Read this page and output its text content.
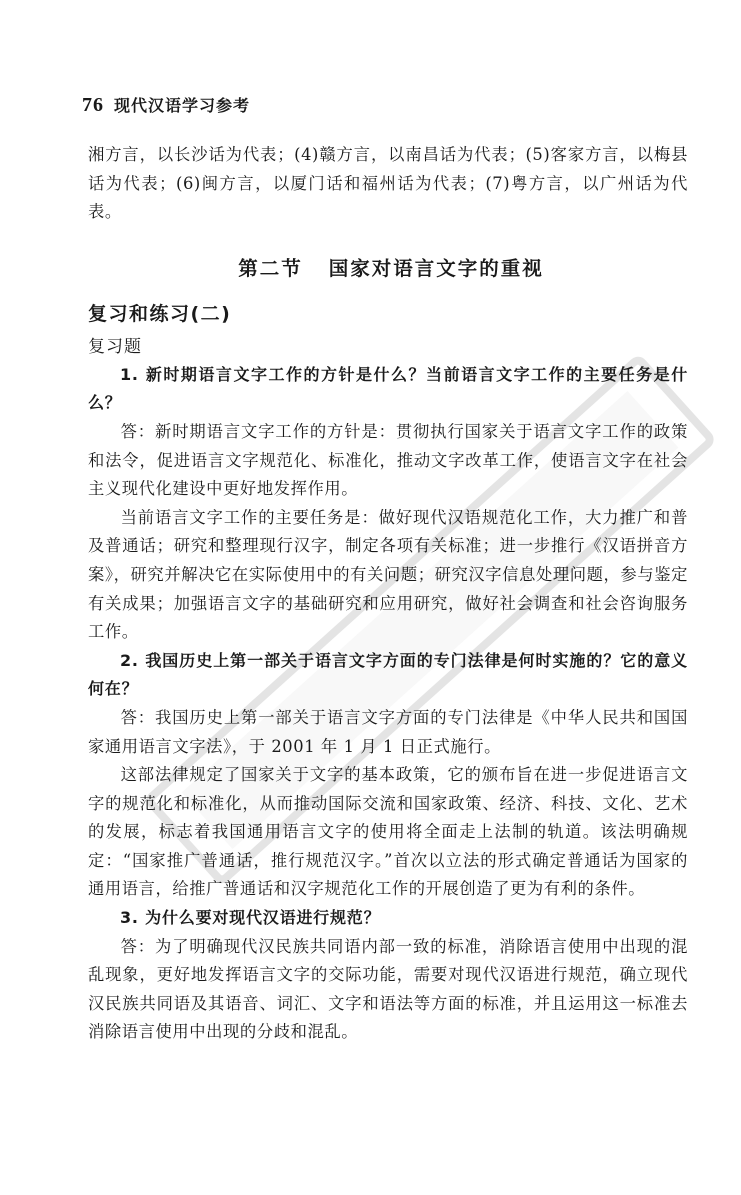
76 现代汉语学习参考

湘方言，以长沙话为代表；(4)赣方言，以南昌话为代表；(5)客家方言，以梅县话为代表；(6)闽方言，以厦门话和福州话为代表；(7)粤方言，以广州话为代表。

第二节 国家对语言文字的重视
复习和练习(二)
复习题

1. 新时期语言文字工作的方针是什么？当前语言文字工作的主要任务是什么？

答：新时期语言文字工作的方针是：贯彻执行国家关于语言文字工作的政策和法令，促进语言文字规范化、标准化，推动文字改革工作，使语言文字在社会主义现代化建设中更好地发挥作用。

当前语言文字工作的主要任务是：做好现代汉语规范化工作，大力推广和普及普通话；研究和整理现行汉字，制定各项有关标准；进一步推行《汉语拼音方案》，研究并解决它在实际使用中的有关问题；研究汉字信息处理问题，参与鉴定有关成果；加强语言文字的基础研究和应用研究，做好社会调查和社会咨询服务工作。

2. 我国历史上第一部关于语言文字方面的专门法律是何时实施的？它的意义何在？

答：我国历史上第一部关于语言文字方面的专门法律是《中华人民共和国国家通用语言文字法》，于 2001 年 1 月 1 日正式施行。

这部法律规定了国家关于文字的基本政策，它的颁布旨在进一步促进语言文字的规范化和标准化，从而推动国际交流和国家政策、经济、科技、文化、艺术的发展，标志着我国通用语言文字的使用将全面走上法制的轨道。该法明确规定：“国家推广普通话，推行规范汉字。”首次以立法的形式确定普通话为国家的通用语言，给推广普通话和汉字规范化工作的开展创造了更为有利的条件。

3. 为什么要对现代汉语进行规范？

答：为了明确现代汉民族共同语内部一致的标准，消除语言使用中出现的混乱现象，更好地发挥语言文字的交际功能，需要对现代汉语进行规范，确立现代汉民族共同语及其语音、词汇、文字和语法等方面的标准，并且运用这一标准去消除语言使用中出现的分歧和混乱。
